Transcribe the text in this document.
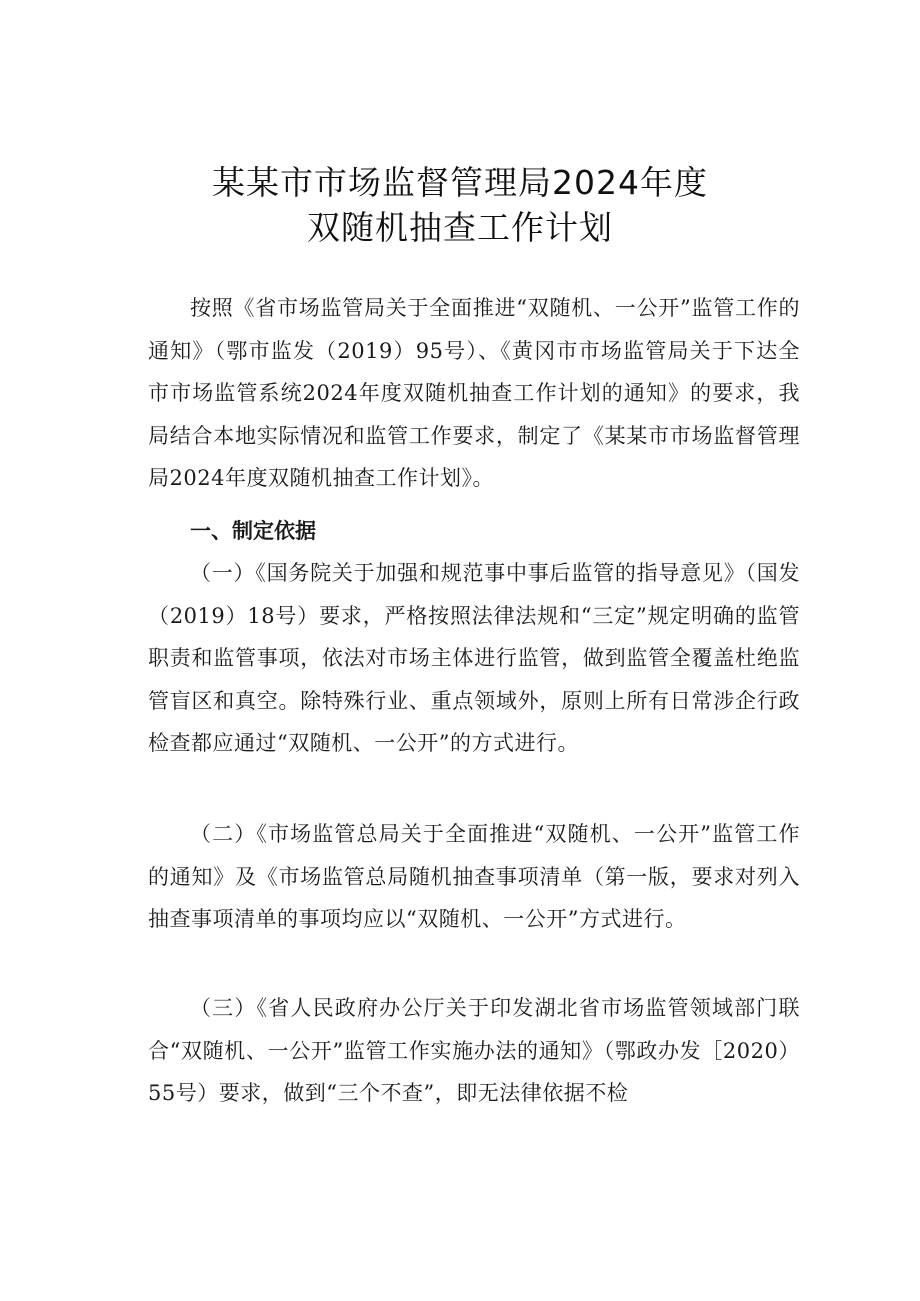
某某市市场监督管理局2024年度
双随机抽查工作计划

按照《省市场监管局关于全面推进“双随机、一公开”监管工作的通知》（鄂市监发（2019）95号）、《黄冈市市场监管局关于下达全市市场监管系统2024年度双随机抽查工作计划的通知》的要求，我局结合本地实际情况和监管工作要求，制定了《某某市市场监督管理局2024年度双随机抽查工作计划》。

一、制定依据

（一）《国务院关于加强和规范事中事后监管的指导意见》（国发（2019）18号）要求，严格按照法律法规和“三定”规定明确的监管职责和监管事项，依法对市场主体进行监管，做到监管全覆盖杜绝监管盲区和真空。除特殊行业、重点领域外，原则上所有日常涉企行政检查都应通过“双随机、一公开”的方式进行。

（二）《市场监管总局关于全面推进“双随机、一公开”监管工作的通知》及《市场监管总局随机抽查事项清单（第一版，要求对列入抽查事项清单的事项均应以“双随机、一公开”方式进行。

（三）《省人民政府办公厅关于印发湖北省市场监管领域部门联合“双随机、一公开”监管工作实施办法的通知》（鄂政办发［2020）55号）要求，做到“三个不查”，即无法律依据不检
